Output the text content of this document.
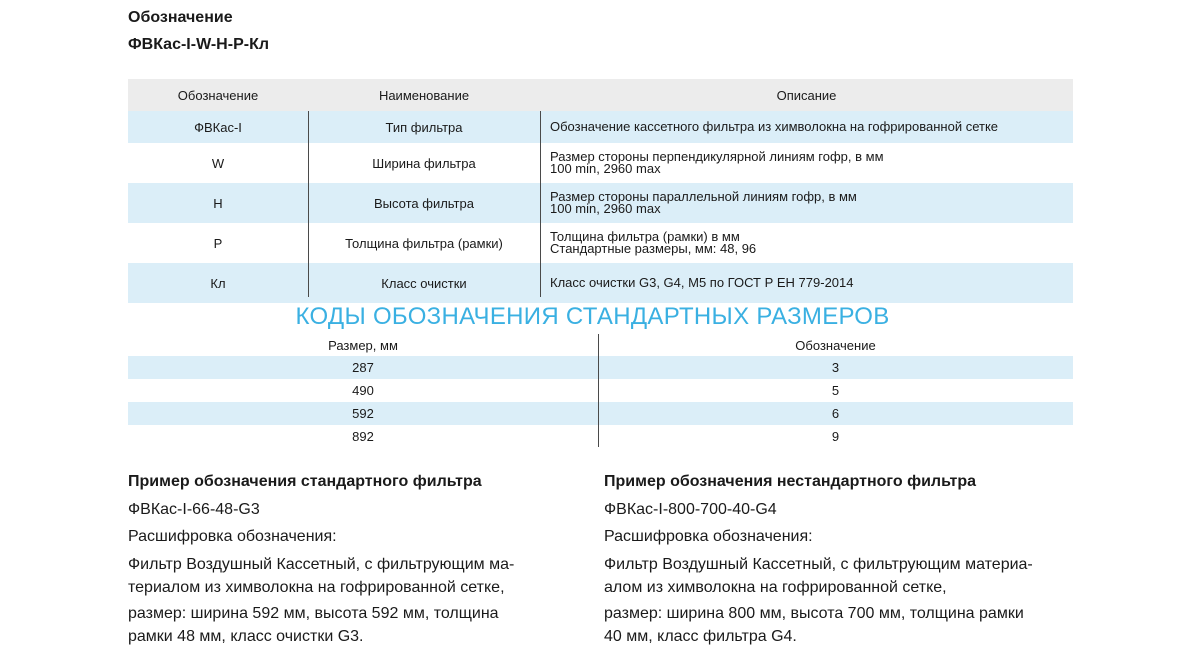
Обозначение
ФВКас-I-W-H-P-Кл
Обозначение	Наименование	Описание
ФВКас-I	Тип фильтра	Обозначение кассетного фильтра из химволокна на гофрированной сетке
W	Ширина фильтра	Размер стороны перпендикулярной линиям гофр, в мм
100 min, 2960 max
H	Высота фильтра	Размер стороны параллельной линиям гофр, в мм
100 min, 2960 max
P	Толщина фильтра (рамки)	Толщина фильтра (рамки) в мм
Стандартные размеры, мм: 48, 96
Кл	Класс очистки	Класс очистки G3, G4, M5 по ГОСТ Р ЕН 779-2014
КОДЫ ОБОЗНАЧЕНИЯ СТАНДАРТНЫХ РАЗМЕРОВ
Размер, мм	Обозначение
287	3
490	5
592	6
892	9
Пример обозначения стандартного фильтра
ФВКас-I-66-48-G3
Расшифровка обозначения:
Фильтр Воздушный Кассетный, с фильтрующим ма-
териалом из химволокна на гофрированной сетке,
размер: ширина 592 мм, высота 592 мм, толщина
рамки 48 мм, класс очистки G3.
Пример обозначения нестандартного фильтра
ФВКас-I-800-700-40-G4
Расшифровка обозначения:
Фильтр Воздушный Кассетный, с фильтрующим материа-
алом из химволокна на гофрированной сетке,
размер: ширина 800 мм, высота 700 мм, толщина рамки
40 мм, класс фильтра G4.
